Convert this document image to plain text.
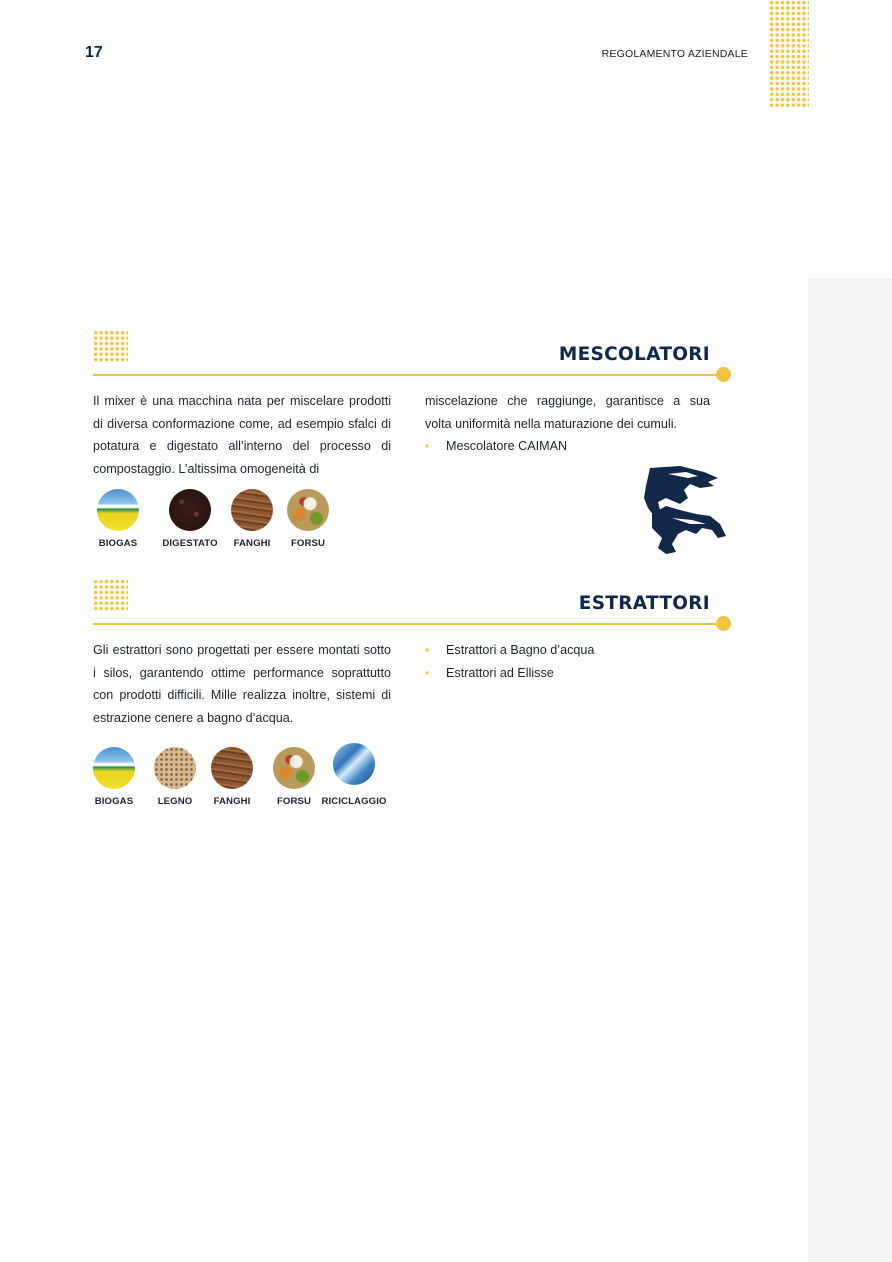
17	REGOLAMENTO AZIENDALE
MESCOLATORI

Il mixer è una macchina nata per miscelare prodotti di diversa conformazione come, ad esempio sfalci di potatura e digestato all’interno del processo di compostaggio. L’altissima omogeneità di

miscelazione che raggiunge, garantisce a sua volta uniformità nella maturazione dei cumuli.

• Mescolatore CAIMAN
BIOGAS	DIGESTATO	FANGHI	FORSU
ESTRATTORI

Gli estrattori sono progettati per essere montati sotto i silos, garantendo ottime performance soprattutto con prodotti difficili. Mille realizza inoltre, sistemi di estrazione cenere a bagno d’acqua.

• Estrattori a Bagno d’acqua
• Estrattori ad Ellisse
BIOGAS	LEGNO	FANGHI	FORSU	RICICLAGGIO
